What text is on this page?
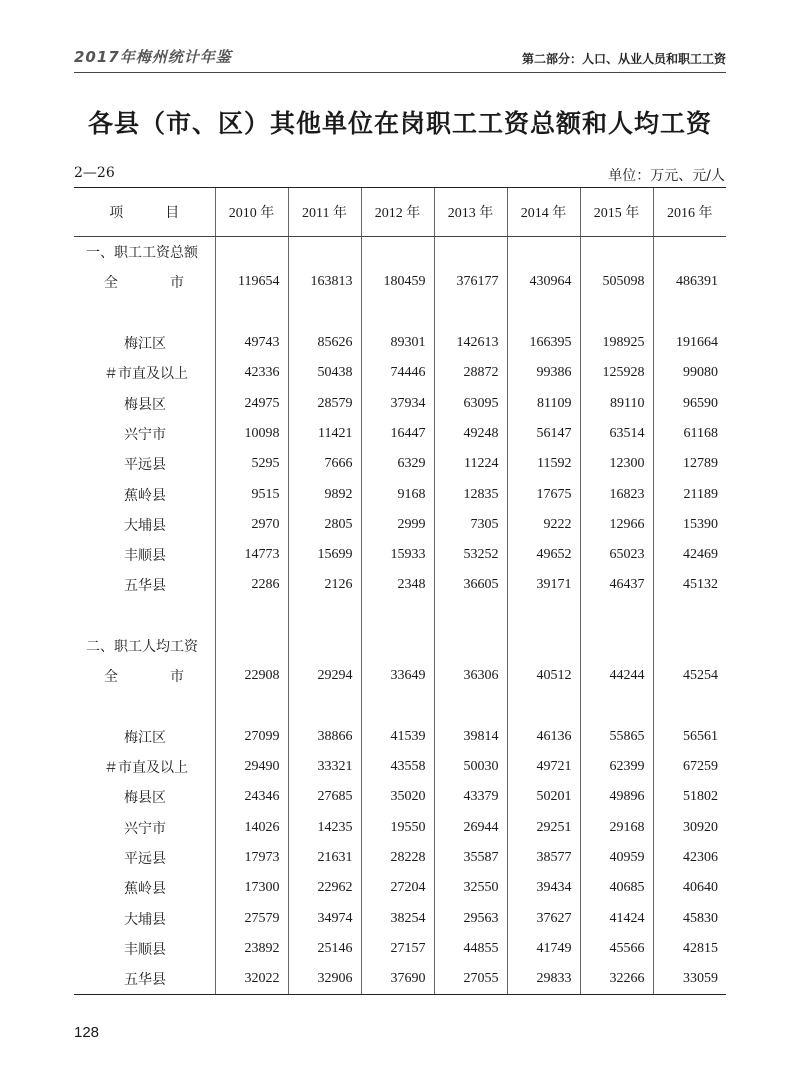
2017年梅州统计年鉴	第二部分：人口、从业人员和职工工资
各县（市、区）其他单位在岗职工工资总额和人均工资
2—26	单位：万元、元/人
项 目	2010 年	2011 年	2012 年	2013 年	2014 年	2015 年	2016 年
一、职工工资总额							
全 市	119654	163813	180459	376177	430964	505098	486391

梅江区	49743	85626	89301	142613	166395	198925	191664
＃市直及以上	42336	50438	74446	28872	99386	125928	99080
梅县区	24975	28579	37934	63095	81109	89110	96590
兴宁市	10098	11421	16447	49248	56147	63514	61168
平远县	5295	7666	6329	11224	11592	12300	12789
蕉岭县	9515	9892	9168	12835	17675	16823	21189
大埔县	2970	2805	2999	7305	9222	12966	15390
丰顺县	14773	15699	15933	53252	49652	65023	42469
五华县	2286	2126	2348	36605	39171	46437	45132

二、职工人均工资							
全 市	22908	29294	33649	36306	40512	44244	45254

梅江区	27099	38866	41539	39814	46136	55865	56561
＃市直及以上	29490	33321	43558	50030	49721	62399	67259
梅县区	24346	27685	35020	43379	50201	49896	51802
兴宁市	14026	14235	19550	26944	29251	29168	30920
平远县	17973	21631	28228	35587	38577	40959	42306
蕉岭县	17300	22962	27204	32550	39434	40685	40640
大埔县	27579	34974	38254	29563	37627	41424	45830
丰顺县	23892	25146	27157	44855	41749	45566	42815
五华县	32022	32906	37690	27055	29833	32266	33059
128
